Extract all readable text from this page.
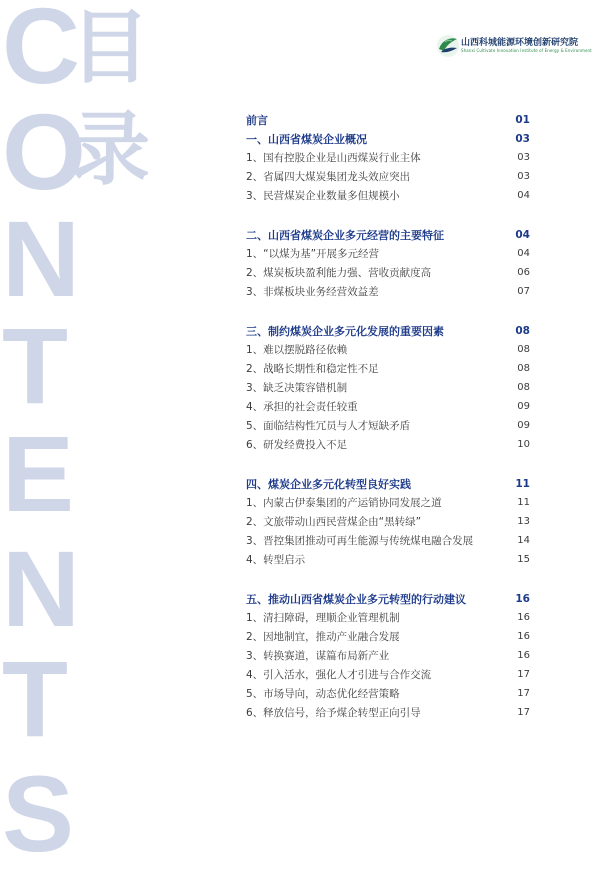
C
O
N
T
E
N
T
S
目
录
山西科城能源环境创新研究院
Shanxi Cultivate Innovation Institute of Energy & Environment
前言	01
一、山西省煤炭企业概况	03
1、国有控股企业是山西煤炭行业主体	03
2、省属四大煤炭集团龙头效应突出	03
3、民营煤炭企业数量多但规模小	04
二、山西省煤炭企业多元经营的主要特征	04
1、“以煤为基”开展多元经营	04
2、煤炭板块盈利能力强、营收贡献度高	06
3、非煤板块业务经营效益差	07
三、制约煤炭企业多元化发展的重要因素	08
1、难以摆脱路径依赖	08
2、战略长期性和稳定性不足	08
3、缺乏决策容错机制	08
4、承担的社会责任较重	09
5、面临结构性冗员与人才短缺矛盾	09
6、研发经费投入不足	10
四、煤炭企业多元化转型良好实践	11
1、内蒙古伊泰集团的产运销协同发展之道	11
2、文旅带动山西民营煤企由“黑转绿”	13
3、晋控集团推动可再生能源与传统煤电融合发展	14
4、转型启示	15
五、推动山西省煤炭企业多元转型的行动建议	16
1、清扫障碍，理顺企业管理机制	16
2、因地制宜，推动产业融合发展	16
3、转换赛道，谋篇布局新产业	16
4、引入活水，强化人才引进与合作交流	17
5、市场导向，动态优化经营策略	17
6、释放信号，给予煤企转型正向引导	17
